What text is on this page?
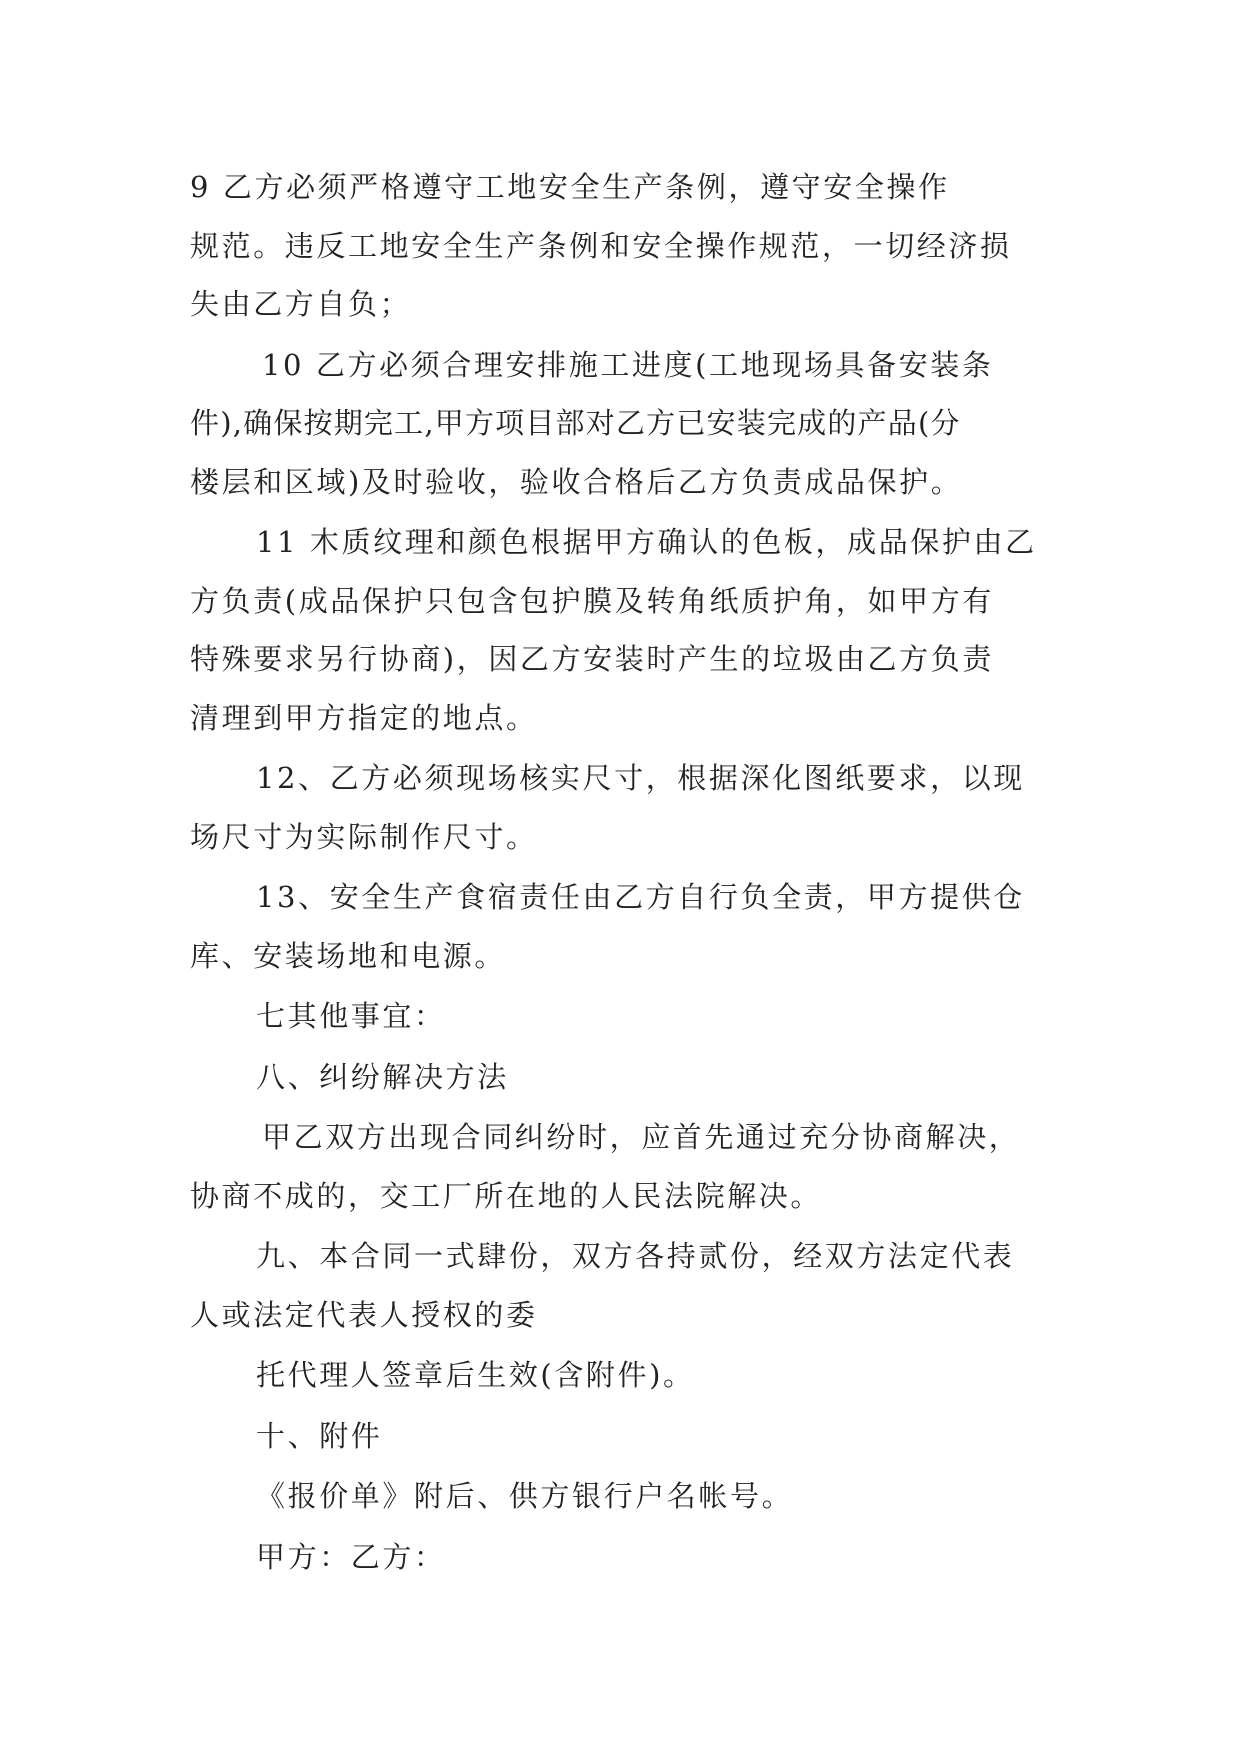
9 乙方必须严格遵守工地安全生产条例，遵守安全操作
规范。违反工地安全生产条例和安全操作规范，一切经济损
失由乙方自负；

10 乙方必须合理安排施工进度(工地现场具备安装条
件),确保按期完工,甲方项目部对乙方已安装完成的产品(分
楼层和区域)及时验收，验收合格后乙方负责成品保护。

11 木质纹理和颜色根据甲方确认的色板，成品保护由乙
方负责(成品保护只包含包护膜及转角纸质护角，如甲方有
特殊要求另行协商)，因乙方安装时产生的垃圾由乙方负责
清理到甲方指定的地点。

12、乙方必须现场核实尺寸，根据深化图纸要求，以现
场尺寸为实际制作尺寸。

13、安全生产食宿责任由乙方自行负全责，甲方提供仓
库、安装场地和电源。

七其他事宜：

八、纠纷解决方法

甲乙双方出现合同纠纷时，应首先通过充分协商解决，
协商不成的，交工厂所在地的人民法院解决。

九、本合同一式肆份，双方各持贰份，经双方法定代表
人或法定代表人授权的委

托代理人签章后生效(含附件)。

十、附件

《报价单》附后、供方银行户名帐号。

甲方：乙方：
